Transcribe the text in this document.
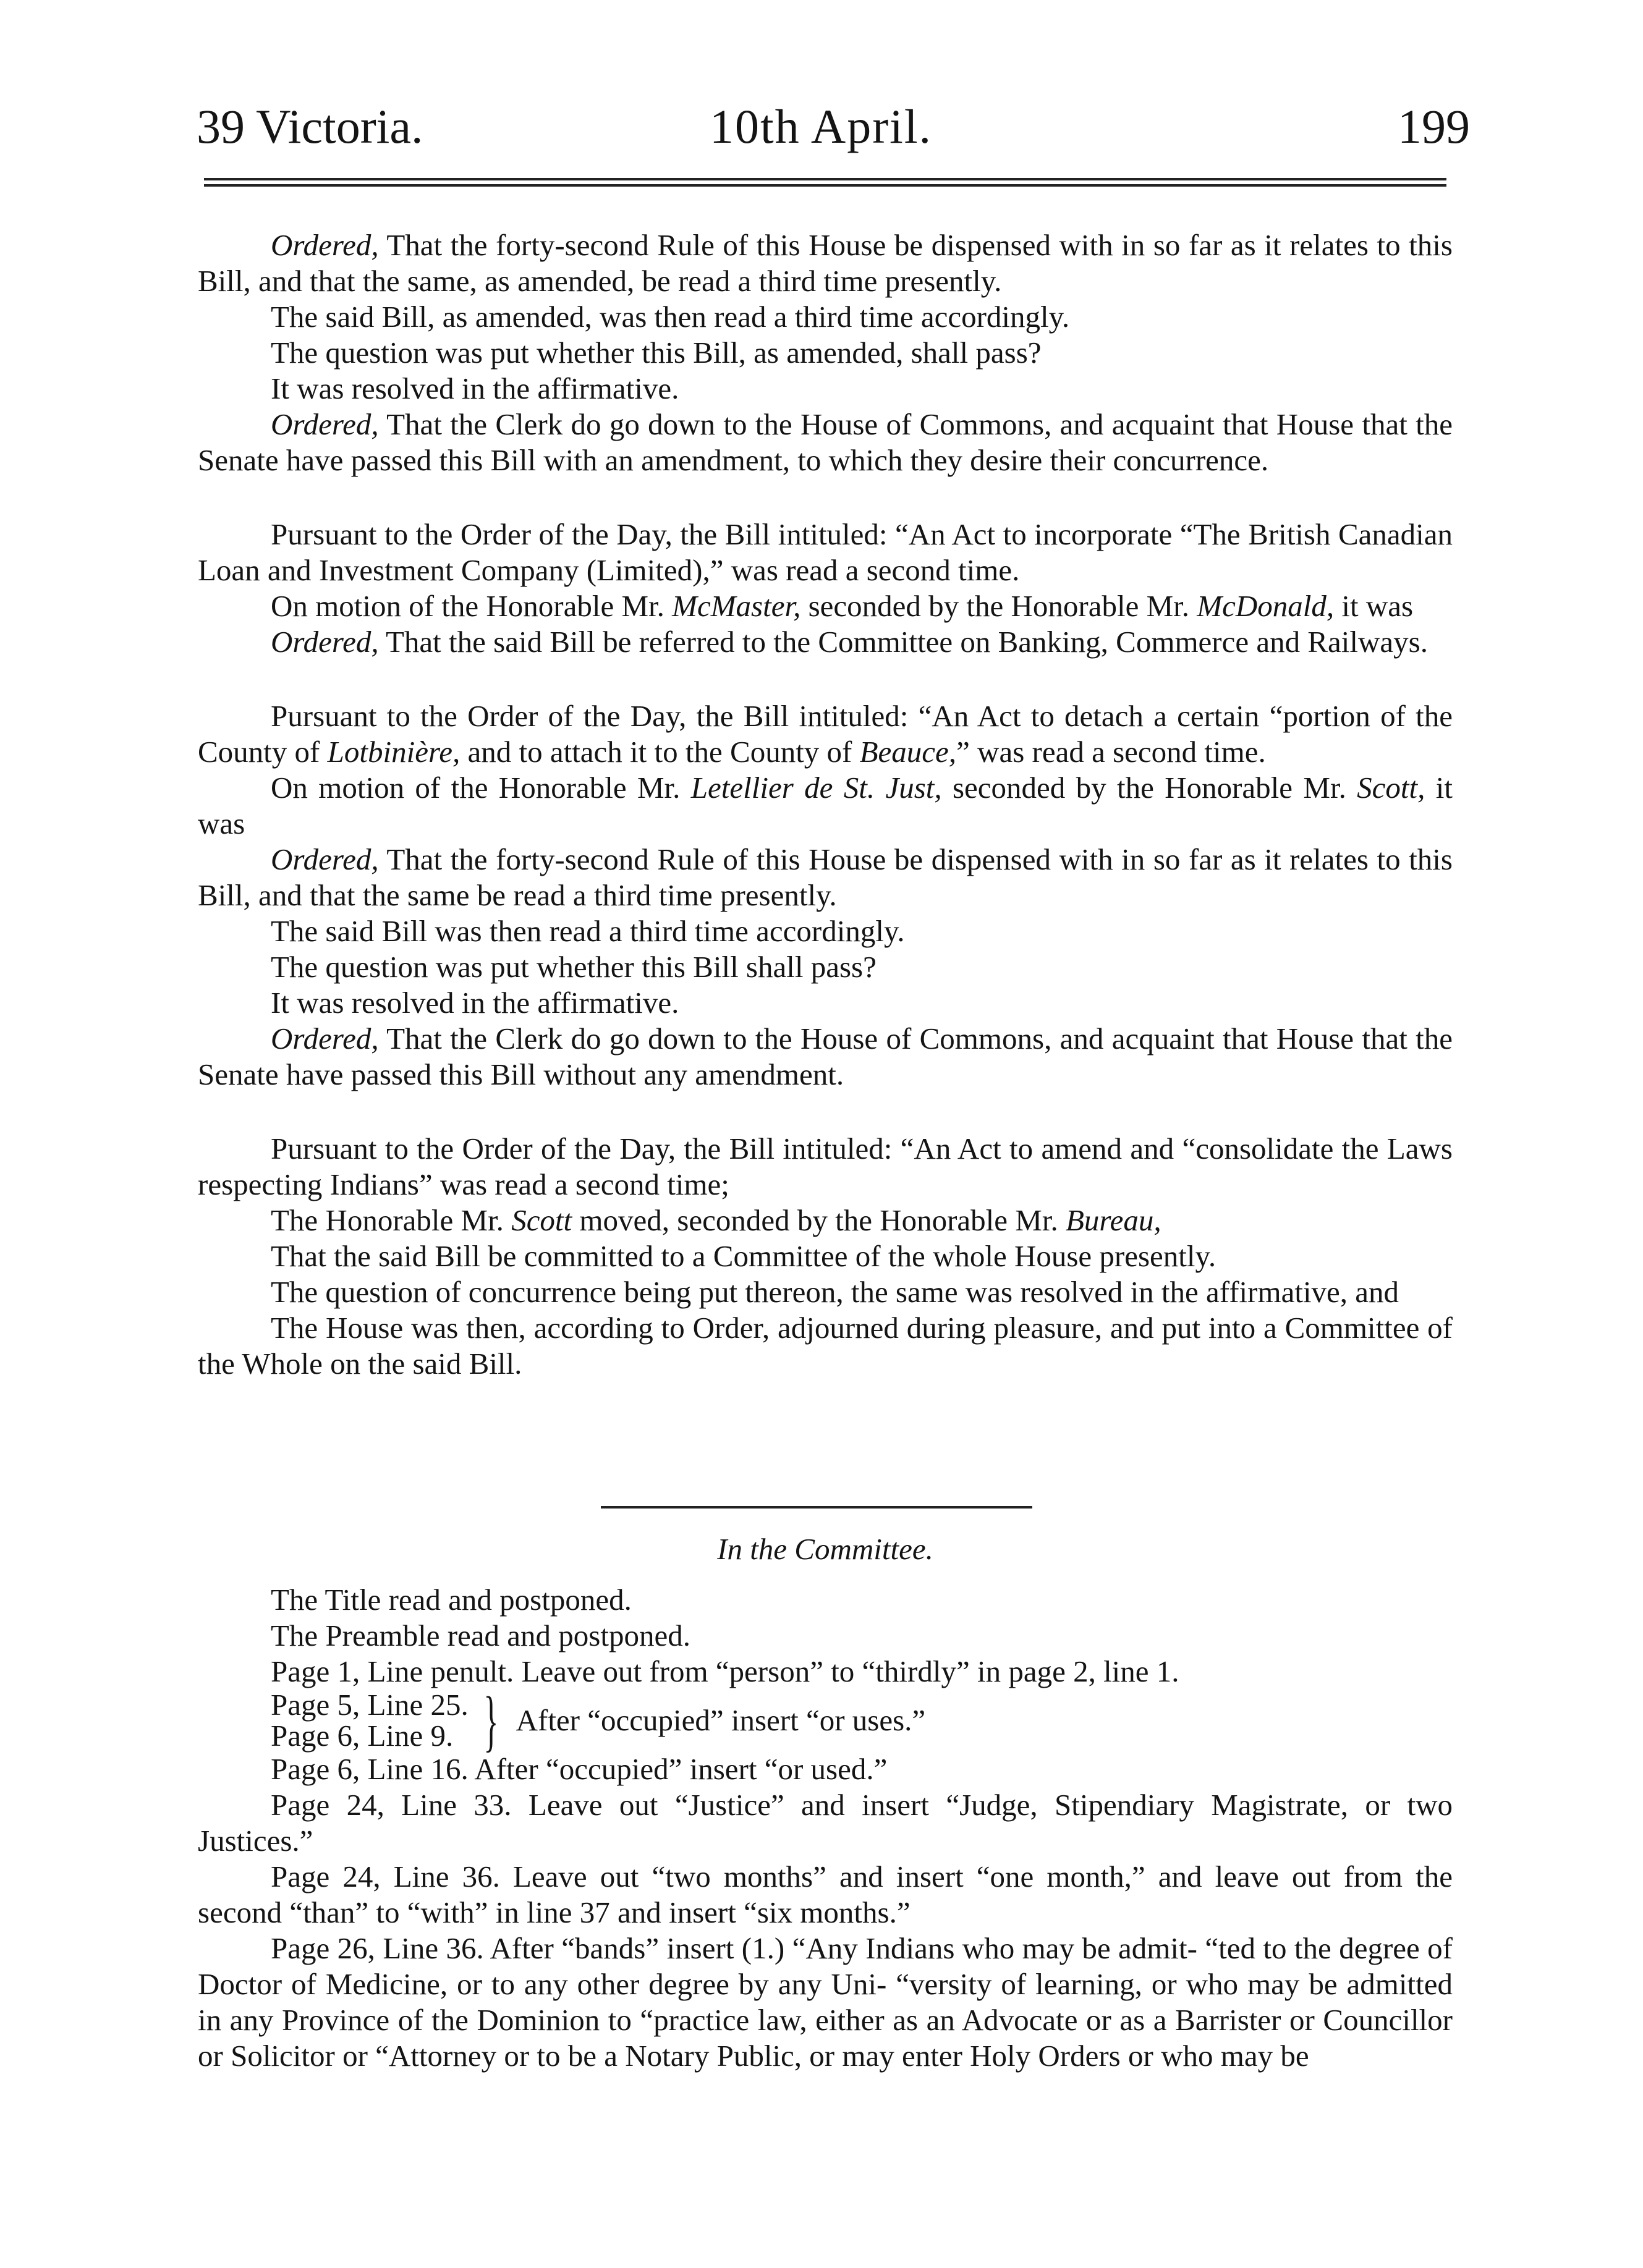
39 Victoria.	10th April.	199

Ordered, That the forty-second Rule of this House be dispensed with in so far as it relates to this Bill, and that the same, as amended, be read a third time presently.

The said Bill, as amended, was then read a third time accordingly.

The question was put whether this Bill, as amended, shall pass?

It was resolved in the affirmative.

Ordered, That the Clerk do go down to the House of Commons, and acquaint that House that the Senate have passed this Bill with an amendment, to which they desire their concurrence.

Pursuant to the Order of the Day, the Bill intituled: “An Act to incorporate “The British Canadian Loan and Investment Company (Limited),” was read a second time.

On motion of the Honorable Mr. McMaster, seconded by the Honorable Mr. McDonald, it was

Ordered, That the said Bill be referred to the Committee on Banking, Commerce and Railways.

Pursuant to the Order of the Day, the Bill intituled: “An Act to detach a certain “portion of the County of Lotbinière, and to attach it to the County of Beauce,” was read a second time.

On motion of the Honorable Mr. Letellier de St. Just, seconded by the Honorable Mr. Scott, it was

Ordered, That the forty-second Rule of this House be dispensed with in so far as it relates to this Bill, and that the same be read a third time presently.

The said Bill was then read a third time accordingly.

The question was put whether this Bill shall pass?

It was resolved in the affirmative.

Ordered, That the Clerk do go down to the House of Commons, and acquaint that House that the Senate have passed this Bill without any amendment.

Pursuant to the Order of the Day, the Bill intituled: “An Act to amend and “consolidate the Laws respecting Indians” was read a second time;

The Honorable Mr. Scott moved, seconded by the Honorable Mr. Bureau,

That the said Bill be committed to a Committee of the whole House presently.

The question of concurrence being put thereon, the same was resolved in the affirmative, and

The House was then, according to Order, adjourned during pleasure, and put into a Committee of the Whole on the said Bill.

In the Committee.

The Title read and postponed.

The Preamble read and postponed.

Page 1, Line penult. Leave out from “person” to “thirdly” in page 2, line 1.

Page 5, Line 25.
Page 6, Line 9. } After “occupied” insert “or uses.”

Page 6, Line 16. After “occupied” insert “or used.”

Page 24, Line 33. Leave out “Justice” and insert “Judge, Stipendiary Magistrate, or two Justices.”

Page 24, Line 36. Leave out “two months” and insert “one month,” and leave out from the second “than” to “with” in line 37 and insert “six months.”

Page 26, Line 36. After “bands” insert (1.) “Any Indians who may be admit- “ted to the degree of Doctor of Medicine, or to any other degree by any Uni- “versity of learning, or who may be admitted in any Province of the Dominion to “practice law, either as an Advocate or as a Barrister or Councillor or Solicitor or “Attorney or to be a Notary Public, or may enter Holy Orders or who may be
